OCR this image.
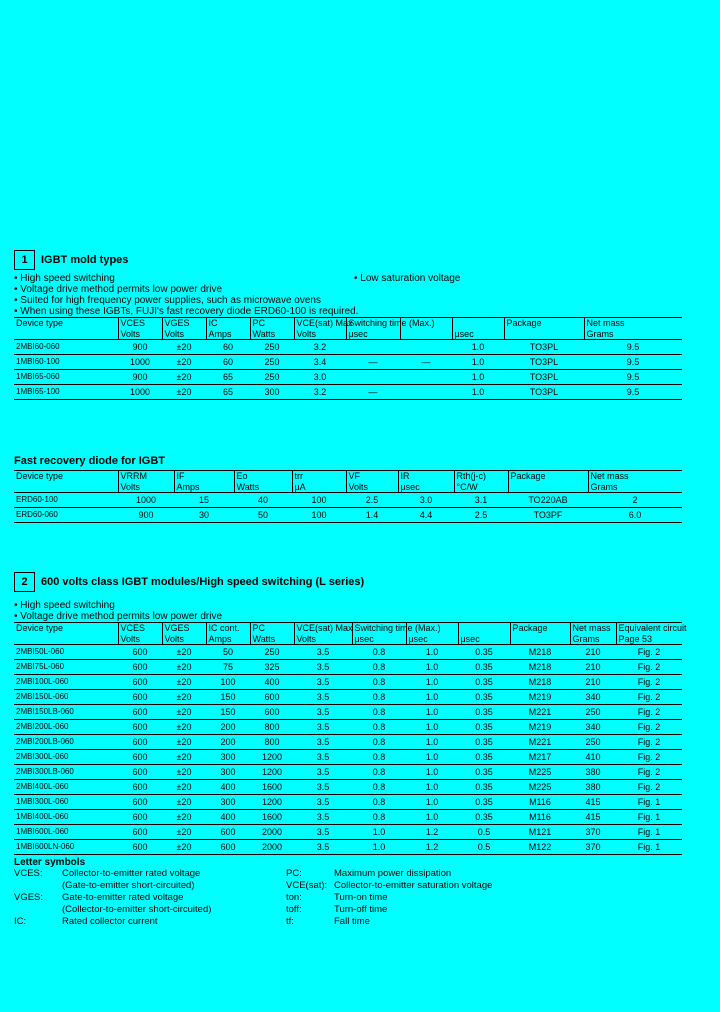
1	IGBT mold types
• High speed switching	• Low saturation voltage
• Voltage drive method permits low power drive
• Suited for high frequency power supplies, such as microwave ovens
• When using these IGBTs, FUJI's fast recovery diode ERD60-100 is required.
Device type	VCES	VGES	IC	PC	VCE(sat) Max	Switching time (Max.)			Package	Net mass
	Volts	Volts	Amps	Watts	Volts	μsec		μsec		Grams
2MBI60-060	900	±20	60	250	3.2			1.0	TO3PL	9.5
1MBI60-100	1000	±20	60	250	3.4	—	—	1.0	TO3PL	9.5
1MBI65-060	900	±20	65	250	3.0			1.0	TO3PL	9.5
1MBI65-100	1000	±20	65	300	3.2	—		1.0	TO3PL	9.5
Fast recovery diode for IGBT
Device type	VRRM	IF	Eo	trr	VF	IR	Rth(j-c)	Package	Net mass
	Volts	Amps	Watts	μA	Volts	μsec	°C/W		Grams
ERD60-100	1000	15	40	100	2.5	3.0	3.1	TO220AB	2
ERD60-060	900	30	50	100	1.4	4.4	2.5	TO3PF	6.0
2	600 volts class IGBT modules/High speed switching (L series)
• High speed switching
• Voltage drive method permits low power drive
Device type	VCES	VGES	IC cont.	PC	VCE(sat) Max	Switching time (Max.)			Package	Net mass	Equivalent circuit
	Volts	Volts	Amps	Watts	Volts	μsec	μsec	μsec		Grams	Page 53
2MBI50L-060	600	±20	50	250	3.5	0.8	1.0	0.35	M218	210	Fig. 2
2MBI75L-060	600	±20	75	325	3.5	0.8	1.0	0.35	M218	210	Fig. 2
2MBI100L-060	600	±20	100	400	3.5	0.8	1.0	0.35	M218	210	Fig. 2
2MBI150L-060	600	±20	150	600	3.5	0.8	1.0	0.35	M219	340	Fig. 2
2MBI150LB-060	600	±20	150	600	3.5	0.8	1.0	0.35	M221	250	Fig. 2
2MBI200L-060	600	±20	200	800	3.5	0.8	1.0	0.35	M219	340	Fig. 2
2MBI200LB-060	600	±20	200	800	3.5	0.8	1.0	0.35	M221	250	Fig. 2
2MBI300L-060	600	±20	300	1200	3.5	0.8	1.0	0.35	M217	410	Fig. 2
2MBI300LB-060	600	±20	300	1200	3.5	0.8	1.0	0.35	M225	380	Fig. 2
2MBI400L-060	600	±20	400	1600	3.5	0.8	1.0	0.35	M225	380	Fig. 2
1MBI300L-060	600	±20	300	1200	3.5	0.8	1.0	0.35	M116	415	Fig. 1
1MBI400L-060	600	±20	400	1600	3.5	0.8	1.0	0.35	M116	415	Fig. 1
1MBI600L-060	600	±20	600	2000	3.5	1.0	1.2	0.5	M121	370	Fig. 1
1MBI600LN-060	600	±20	600	2000	3.5	1.0	1.2	0.5	M122	370	Fig. 1
Letter symbols
VCES:	Collector-to-emitter rated voltage	PC:	Maximum power dissipation
(Gate-to-emitter short-circuited)	VCE(sat): Collector-to-emitter saturation voltage
VGES:	Gate-to-emitter rated voltage	ton:	Turn-on time
(Collector-to-emitter short-circuited)	toff:	Turn-off time
IC:	Rated collector current	tf:	Fall time
